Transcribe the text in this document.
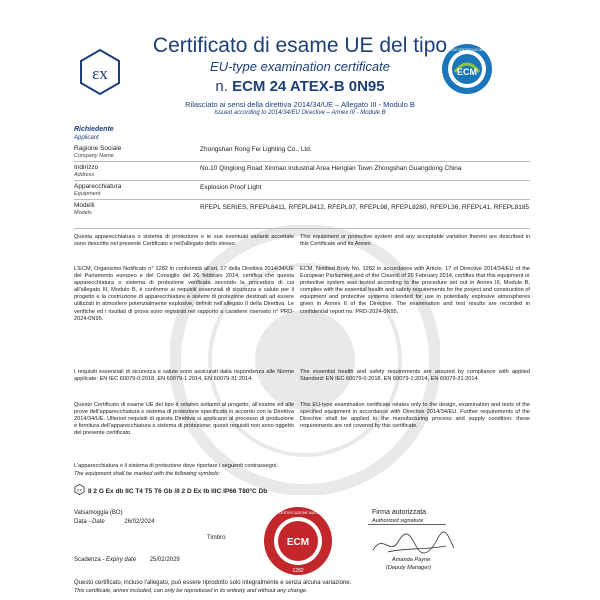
εx
Certificato di esame UE del tipo
EU-type examination certificate
n. ECM 24 ATEX-B 0N95
Rilasciato ai sensi della direttiva 2014/34/UE – Allegato III - Modulo B
Issued according to 2014/34/EU Directive – Annex III - Module B
ECM
ECM CERTIFICAZIONE
Richiedente
Applicant
Ragione Sociale
Company Name
Zhongshan Rong Fei Lighting Co., Ltd.
Indirizzo
Address
No.10 Qinglong Road Xinmao Industrial Area Henglan Town Zhongshan Guangdong China
Apparecchiatura
Equipment
Explosion Proof Light
Modelli
Models
RFEPL SERIES, RFEPL8411, RFEPL8412, RFEPL97, RFEPL98, RFEPL8280, RFEPL36, RFEPL41, RFEPL8185
Questa apparecchiatura o sistema di protezione e le sue eventuali varianti accettate sono descritte nel presente Certificato e nell'allegato dello stesso.
This equipment or protective system and any acceptable variation thereto are described in this Certificate and its Annex.
L'ECM, Organismo Notificato n° 1282 in conformità all'art. 17 della Direttiva 2014/34/UE del Parlamento europeo e del Consiglio del 26 febbraio 2014, certifica che questa apparecchiatura o sistema di protezione verificata secondo la procedura di cui all'allegato III, Modulo B, è conforme ai requisiti essenziali di sicurezza e salute per il progetto e la costruzione di apparecchiature e sistemi di protezione destinati ad essere utilizzati in atmosfere potenzialmente esplosive, definiti nell'allegato II della Direttiva. Le verifiche ed i risultati di prova sono registrati nel rapporto a carattere riservato n° PRD-2024-0N95.
ECM, Notified Body No. 1282 in accordance with Article. 17 of Directive 2014/34/EU of the European Parliament and of the Council of 26 February 2014, certifies that this equipment or protective system was tested according to the procedure set out in Annex III, Module B, complies with the essential health and safety requirements for the project and construction of equipment and protective systems intended for use in potentially explosive atmospheres given in Annex II of the Directive. The examination and test results are recorded in confidential report no. PRD-2024-0N95.
I requisiti essenziali di sicurezza e salute sono assicurati dalla rispondenza alle Norme applicate: EN IEC 60079-0:2018, EN 60079-1:2014, EN 60079-31:2014.
The essential health and safety requirements are assured by compliance with applied Standard: EN IEC 60079-0:2018, EN 60079-1:2014, EN 60079-31:2014.
Questo Certificato di esame UE del tipo è relativo soltanto al progetto, all'esame ed alle prove dell'apparecchiatura o sistema di protezione specificato in accordo con la Direttiva 2014/34/UE. Ulteriori requisiti di questa Direttiva si applicano al processo di produzione e fornitura dell'apparecchiatura o sistema di protezione: questi requisiti non sono oggetto del presente certificato.
This EU-type examination certificate relates only to the design, examination and tests of the specified equipment in accordance with Directive 2014/34/EU. Further requirements of the Directive shall be applied to the manufacturing process and supply condition: these requirements are not covered by this certificate.
L'apparecchiatura o il sistema di protezione deve riportare i seguenti contrassegni:
The equipment shall be marked with the following symbols:
εx II 2 G Ex db IIC T4 T5 T6 Gb /II 2 D Ex tb IIIC IP66 T80°C Db
Valsamoggia (BO)
Data - Date	26/02/2024
Timbro
Scadenza - Expiry date 25/02/2029
ECM
ENTE CERTIFICAZIONE MACCHINE
1282
Firma autorizzata
Authorized signature
Amanda Payne
(Deputy Manager)
Questo certificato, incluso l'allegato, può essere riprodotto solo integralmente e senza alcuna variazione.
This certificate, annex included, can only be reproduced in its entirety and without any change.
